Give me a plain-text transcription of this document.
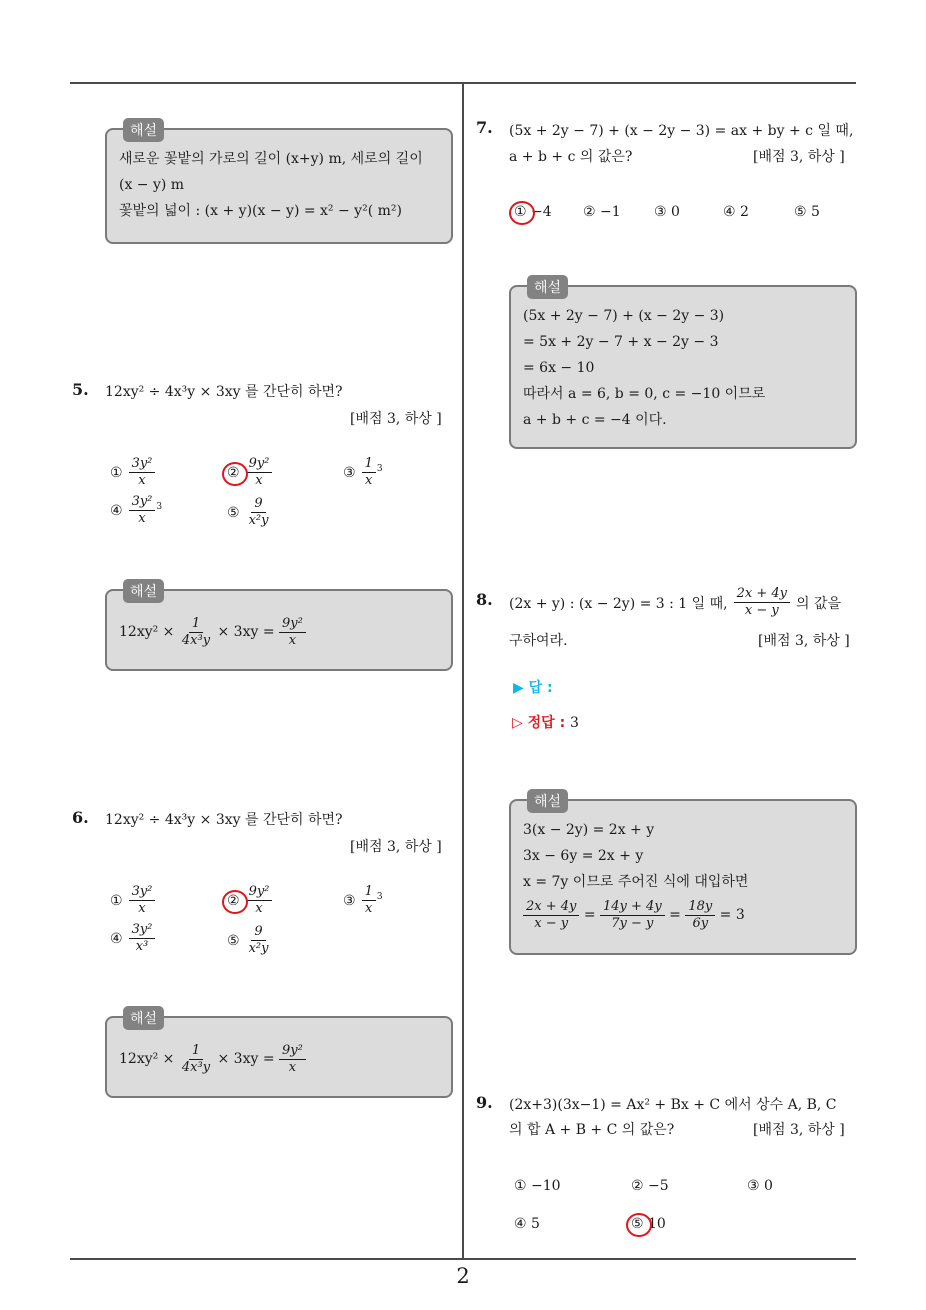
2
해설
새로운 꽃밭의 가로의 길이 (x+y) m, 세로의 길이
(x − y) m
꽃밭의 넓이 : (x + y)(x − y) = x² − y²( m²)
5. 12xy² ÷ 4x³y × 3xy 를 간단히 하면?
[배점 3, 하상 ]
① $\frac{\text{3y²}}{x}$	② $\frac{\text{9y²}}{x}$	③ $\frac{1}{x} 3$
④ $\frac{\text{3y²}}{x} 3$	⑤ $\frac{9}{\text{x²y}}$
해설
$12xy^2 \times \frac{1}{\text{4x³y}} \times 3xy = \frac{\text{9y²}}{x}$
6. 12xy² ÷ 4x³y × 3xy 를 간단히 하면?
[배점 3, 하상 ]
① $\frac{\text{3y²}}{x}$	② $\frac{\text{9y²}}{x}$	③ $\frac{1}{x} 3$
④ $\frac{\text{3y²}}{\text{x³}}$	⑤ $\frac{9}{\text{x²y}}$
해설
$12xy^2 \times \frac{1}{\text{4x³y}} \times 3xy = \frac{\text{9y²}}{x}$
7. (5x + 2y − 7) + (x − 2y − 3) = ax + by + c 일 때,
a + b + c 의 값은?	[배점 3, 하상 ]
① −4 ② −1 ③ 0	④ 2	⑤ 5
해설
(5x + 2y − 7) + (x − 2y − 3)
= 5x + 2y − 7 + x − 2y − 3
= 6x − 10
따라서 a = 6, b = 0, c = −10 이므로
a + b + c = −4 이다.
8. (2x + y) : (x − 2y) = 3 : 1 일 때, $\frac{2x + 4y}{x - y}$ 의 값을
구하여라.	[배점 3, 하상 ]
▶ 답 :
▷ 정답 : 3
해설
3(x − 2y) = 2x + y
3x − 6y = 2x + y
x = 7y 이므로 주어진 식에 대입하면
$\frac{2x + 4y}{x - y} = \frac{14y + 4y}{7y - y} = \frac{18y}{6y} = 3$
9. (2x+3)(3x−1) = Ax² + Bx + C 에서 상수 A, B, C
의 합 A + B + C 의 값은?	[배점 3, 하상 ]
① −10	② −5	③ 0
④ 5	⑤ 10
